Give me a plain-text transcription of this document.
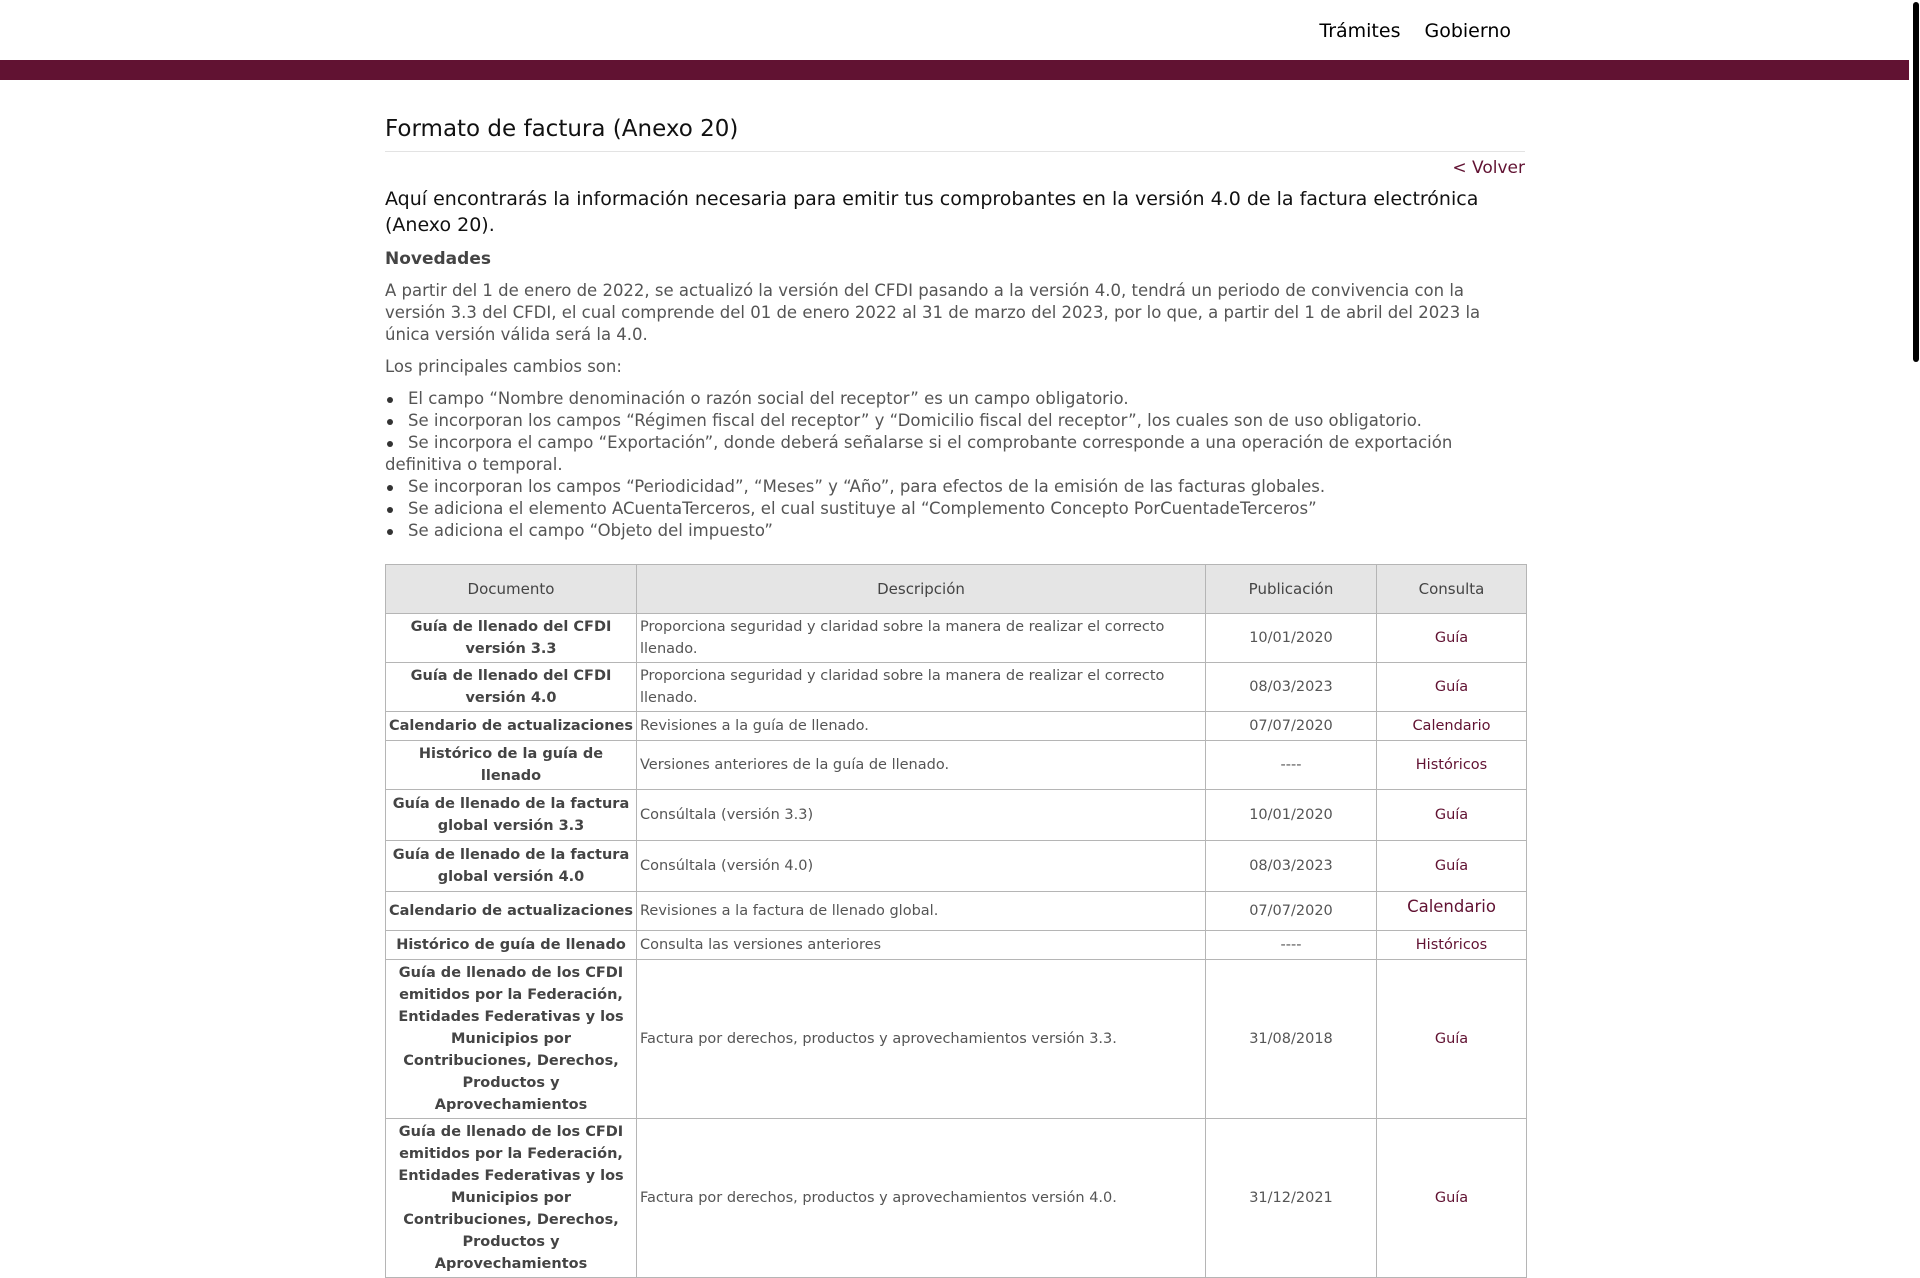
Trámites Gobierno
Formato de factura (Anexo 20)
< Volver

Aquí encontrarás la información necesaria para emitir tus comprobantes en la versión 4.0 de la factura electrónica (Anexo 20).

Novedades

A partir del 1 de enero de 2022, se actualizó la versión del CFDI pasando a la versión 4.0, tendrá un periodo de convivencia con la versión 3.3 del CFDI, el cual comprende del 01 de enero 2022 al 31 de marzo del 2023, por lo que, a partir del 1 de abril del 2023 la única versión válida será la 4.0.

Los principales cambios son:

El campo “Nombre denominación o razón social del receptor” es un campo obligatorio.
Se incorporan los campos “Régimen fiscal del receptor” y “Domicilio fiscal del receptor”, los cuales son de uso obligatorio.
Se incorpora el campo “Exportación”, donde deberá señalarse si el comprobante corresponde a una operación de exportación definitiva o temporal.
Se incorporan los campos “Periodicidad”, “Meses” y “Año”, para efectos de la emisión de las facturas globales.
Se adiciona el elemento ACuentaTerceros, el cual sustituye al “Complemento Concepto PorCuentadeTerceros”
Se adiciona el campo “Objeto del impuesto”
Documento	Descripción	Publicación	Consulta
Guía de llenado del CFDI versión 3.3	Proporciona seguridad y claridad sobre la manera de realizar el correcto llenado.	10/01/2020	Guía
Guía de llenado del CFDI versión 4.0	Proporciona seguridad y claridad sobre la manera de realizar el correcto llenado.	08/03/2023	Guía
Calendario de actualizaciones	Revisiones a la guía de llenado.	07/07/2020	Calendario
Histórico de la guía de llenado	Versiones anteriores de la guía de llenado.	----	Históricos
Guía de llenado de la factura global versión 3.3	Consúltala (versión 3.3)	10/01/2020	Guía
Guía de llenado de la factura global versión 4.0	Consúltala (versión 4.0)	08/03/2023	Guía
Calendario de actualizaciones	Revisiones a la factura de llenado global.	07/07/2020	Calendario
Histórico de guía de llenado	Consulta las versiones anteriores	----	Históricos
Guía de llenado de los CFDI emitidos por la Federación, Entidades Federativas y los Municipios por Contribuciones, Derechos, Productos y Aprovechamientos	Factura por derechos, productos y aprovechamientos versión 3.3.	31/08/2018	Guía
Guía de llenado de los CFDI emitidos por la Federación, Entidades Federativas y los Municipios por Contribuciones, Derechos, Productos y Aprovechamientos	Factura por derechos, productos y aprovechamientos versión 4.0.	31/12/2021	Guía
